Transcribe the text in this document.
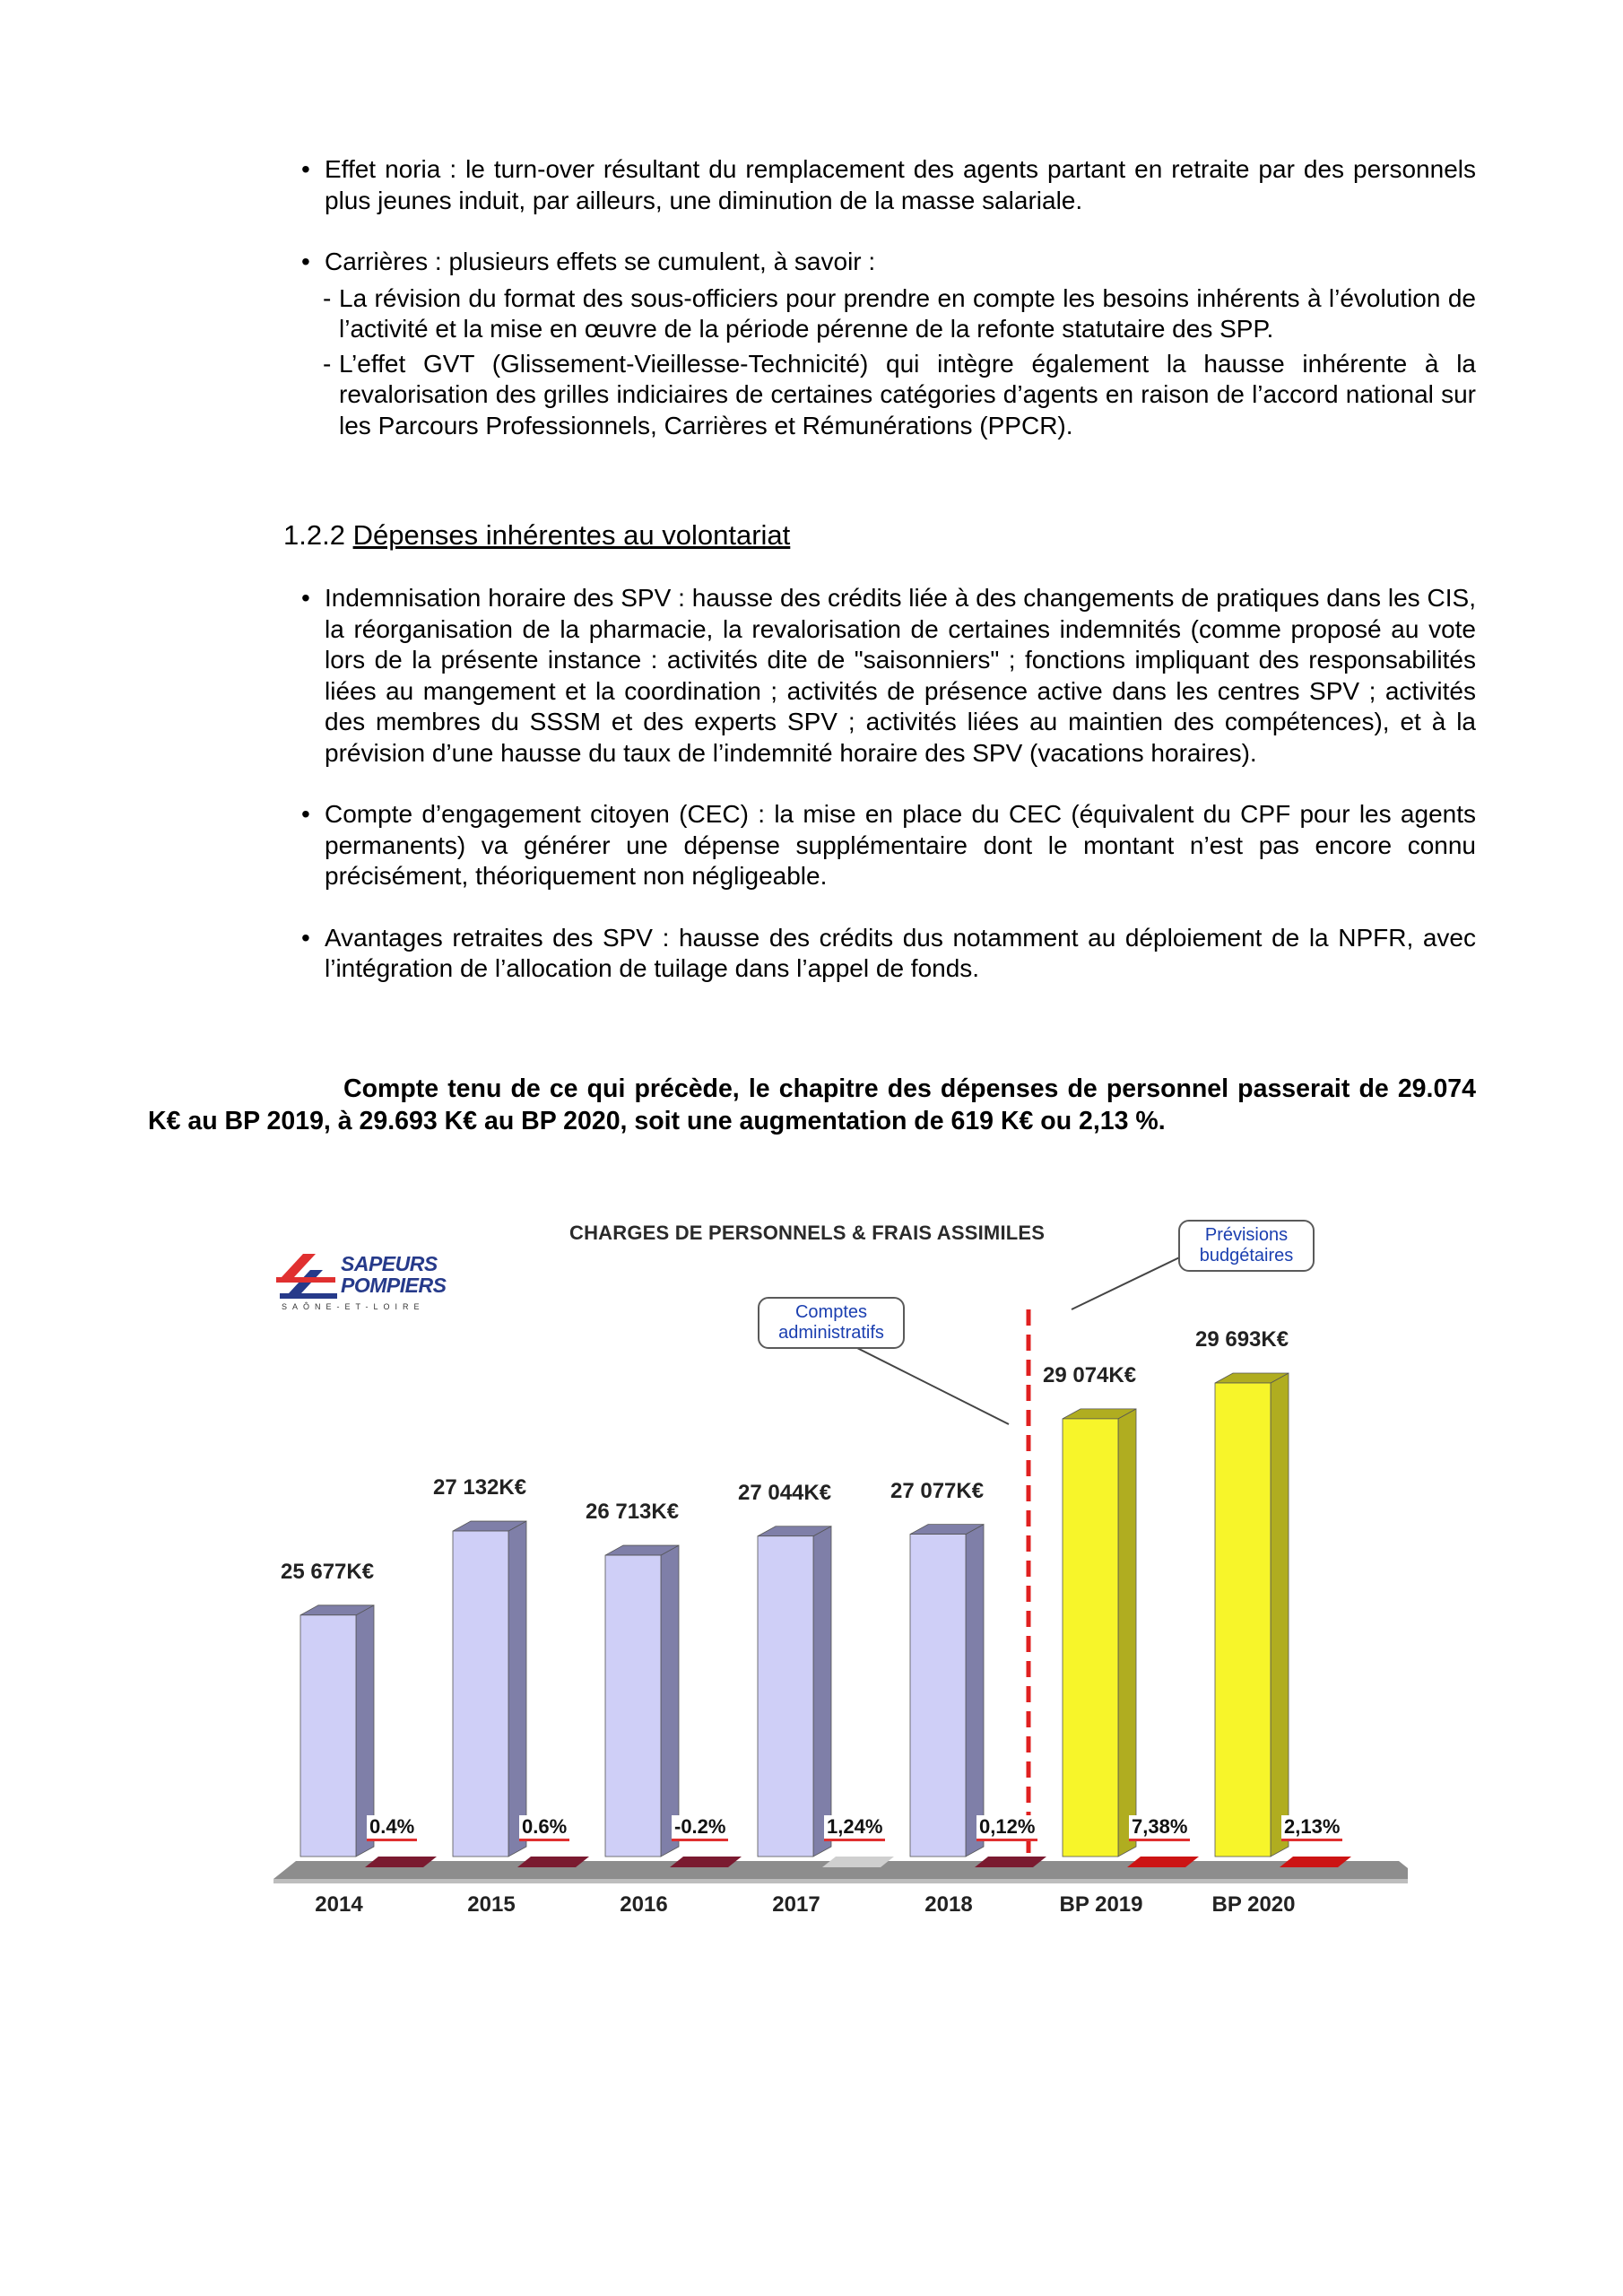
• Effet noria : le turn-over résultant du remplacement des agents partant en retraite par des personnels plus jeunes induit, par ailleurs, une diminution de la masse salariale.
• Carrières : plusieurs effets se cumulent, à savoir :
- La révision du format des sous-officiers pour prendre en compte les besoins inhérents à l’évolution de l’activité et la mise en œuvre de la période pérenne de la refonte statutaire des SPP.
- L’effet GVT (Glissement-Vieillesse-Technicité) qui intègre également la hausse inhérente à la revalorisation des grilles indiciaires de certaines catégories d’agents en raison de l’accord national sur les Parcours Professionnels, Carrières et Rémunérations (PPCR).
1.2.2 Dépenses inhérentes au volontariat
• Indemnisation horaire des SPV : hausse des crédits liée à des changements de pratiques dans les CIS, la réorganisation de la pharmacie, la revalorisation de certaines indemnités (comme proposé au vote lors de la présente instance : activités dite de "saisonniers" ; fonctions impliquant des responsabilités liées au mangement et la coordination ; activités de présence active dans les centres SPV ; activités des membres du SSSM et des experts SPV ; activités liées au maintien des compétences), et à la prévision d’une hausse du taux de l’indemnité horaire des SPV (vacations horaires).
• Compte d’engagement citoyen (CEC) : la mise en place du CEC (équivalent du CPF pour les agents permanents) va générer une dépense supplémentaire dont le montant n’est pas encore connu précisément, théoriquement non négligeable.
• Avantages retraites des SPV : hausse des crédits dus notamment au déploiement de la NPFR, avec l’intégration de l’allocation de tuilage dans l’appel de fonds.
Compte tenu de ce qui précède, le chapitre des dépenses de personnel passerait de 29.074 K€ au BP 2019, à 29.693 K€ au BP 2020, soit une augmentation de 619 K€ ou 2,13 %.
CHARGES DE PERSONNELS & FRAIS ASSIMILES
SAPEURS
POMPIERS
SAÔNE-ET-LOIRE	Comptes administratifs
Prévisions budgétaires
25 677K€
0.4%
2014
27 132K€
0.6%
2015
26 713K€
-0.2%
2016
27 044K€
1,24%
2017
27 077K€
0,12%
2018
29 074K€
7,38%
BP 2019
29 693K€
2,13%
BP 2020
